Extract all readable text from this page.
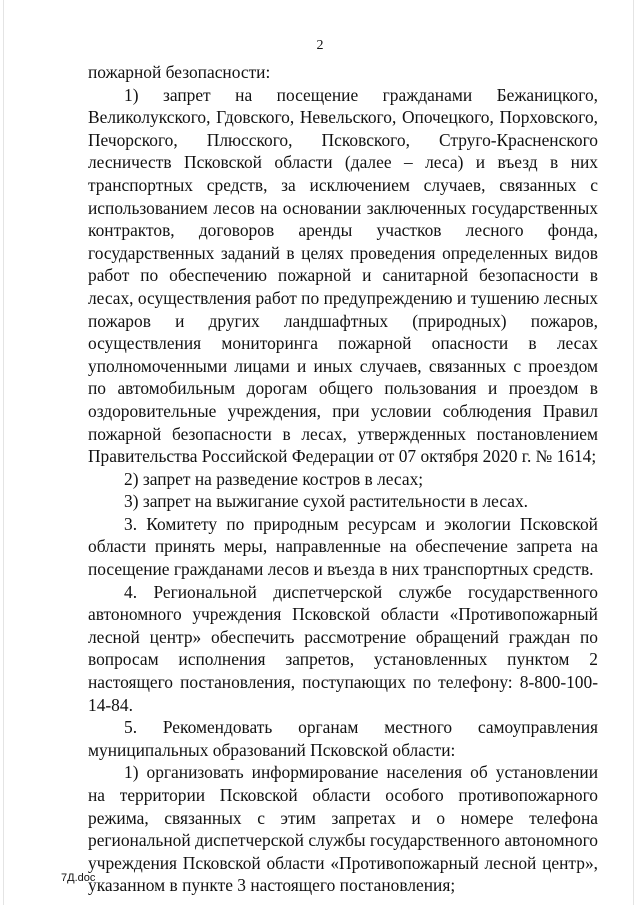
2

пожарной безопасности:

1) запрет на посещение гражданами Бежаницкого, Великолукского, Гдовского, Невельского, Опочецкого, Порховского, Печорского, Плюсского, Псковского, Струго-Красненского лесничеств Псковской области (далее – леса) и въезд в них транспортных средств, за исключением случаев, связанных с использованием лесов на основании заключенных государственных контрактов, договоров аренды участков лесного фонда, государственных заданий в целях проведения определенных видов работ по обеспечению пожарной и санитарной безопасности в лесах, осуществления работ по предупреждению и тушению лесных пожаров и других ландшафтных (природных) пожаров, осуществления мониторинга пожарной опасности в лесах уполномоченными лицами и иных случаев, связанных с проездом по автомобильным дорогам общего пользования и проездом в оздоровительные учреждения, при условии соблюдения Правил пожарной безопасности в лесах, утвержденных постановлением Правительства Российской Федерации от 07 октября 2020 г. № 1614;

2) запрет на разведение костров в лесах;

3) запрет на выжигание сухой растительности в лесах.

3. Комитету по природным ресурсам и экологии Псковской области принять меры, направленные на обеспечение запрета на посещение гражданами лесов и въезда в них транспортных средств.

4. Региональной диспетчерской службе государственного автономного учреждения Псковской области «Противопожарный лесной центр» обеспечить рассмотрение обращений граждан по вопросам исполнения запретов, установленных пунктом 2 настоящего постановления, поступающих по телефону: 8-800-100-14-84.

5. Рекомендовать органам местного самоуправления муниципальных образований Псковской области:

1) организовать информирование населения об установлении на территории Псковской области особого противопожарного режима, связанных с этим запретах и о номере телефона региональной диспетчерской службы государственного автономного учреждения Псковской области «Противопожарный лесной центр», указанном в пункте 3 настоящего постановления;

7Д.doc
